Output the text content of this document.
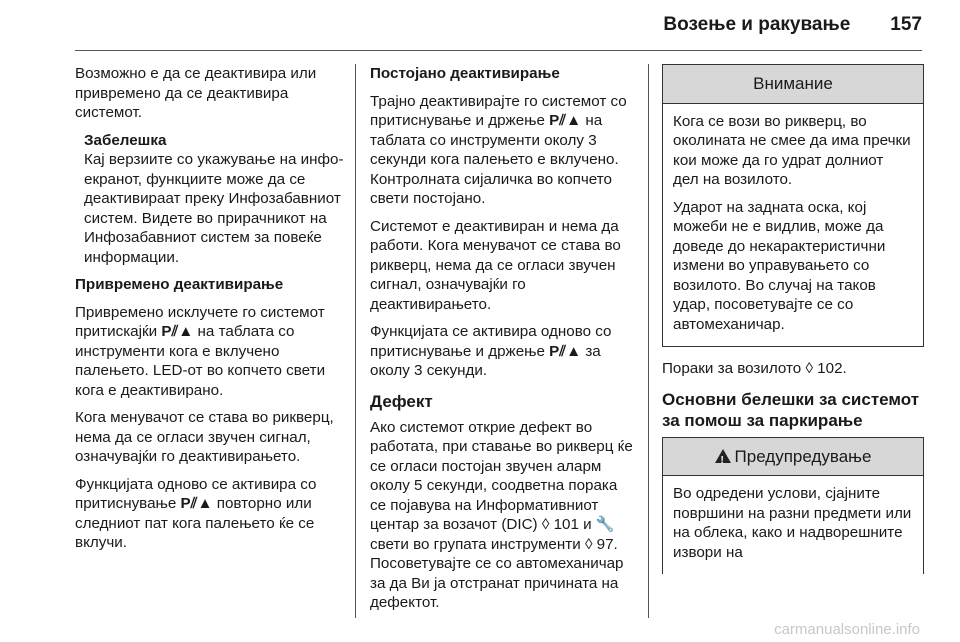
Возење и ракување 157

Возможно е да се деактивира или привремено да се деактивира системот.

Забелешка

Кај верзиите со укажување на инфо-екранот, функциите може да се деактивираат преку Инфозабавниот систем. Видете во прирачникот на Инфозабавниот систем за повеќе информации.

Привремено деактивирање

Привремено исклучете го системот притискајќи P⫽▲ на таблата со инструменти кога е вклучено палењето. LED-от во копчето свети кога е деактивирано.

Кога менувачот се става во рикверц, нема да се огласи звучен сигнал, означувајќи го деактивирањето.

Функцијата одново се активира со притиснување P⫽▲ повторно или следниот пат кога палењето ќе се вклучи.

Постојано деактивирање

Трајно деактивирајте го системот со притиснување и држење P⫽▲ на таблата со инструменти околу 3 секунди кога палењето е вклучено. Контролната сијаличка во копчето свети постојано.

Системот е деактивиран и нема да работи. Кога менувачот се става во рикверц, нема да се огласи звучен сигнал, означувајќи го деактивирањето.

Функцијата се активира одново со притиснување и држење P⫽▲ за околу 3 секунди.

Дефект

Ако системот открие дефект во работата, при ставање во рикверц ќе се огласи постојан звучен аларм околу 5 секунди, соодветна порака се појавува на Информативниот центар за возачот (DIC) ◊ 101 и 🔧 свети во групата инструменти ◊ 97. Посоветувајте се со автомеханичар за да Ви ја отстранат причината на дефектот.

Внимание

Кога се вози во рикверц, во околината не смее да има пречки кои може да го удрат долниот дел на возилото.

Ударот на задната оска, кој можеби не е видлив, може да доведе до некарактеристични измени во управувањето со возилото. Во случај на таков удар, посоветувајте се со автомеханичар.

Пораки за возилото ◊ 102.

Основни белешки за системот за помош за паркирање
!Предупредување

Во одредени услови, сјајните површини на разни предмети или на облека, како и надворешните извори на

carmanualsonline.info
